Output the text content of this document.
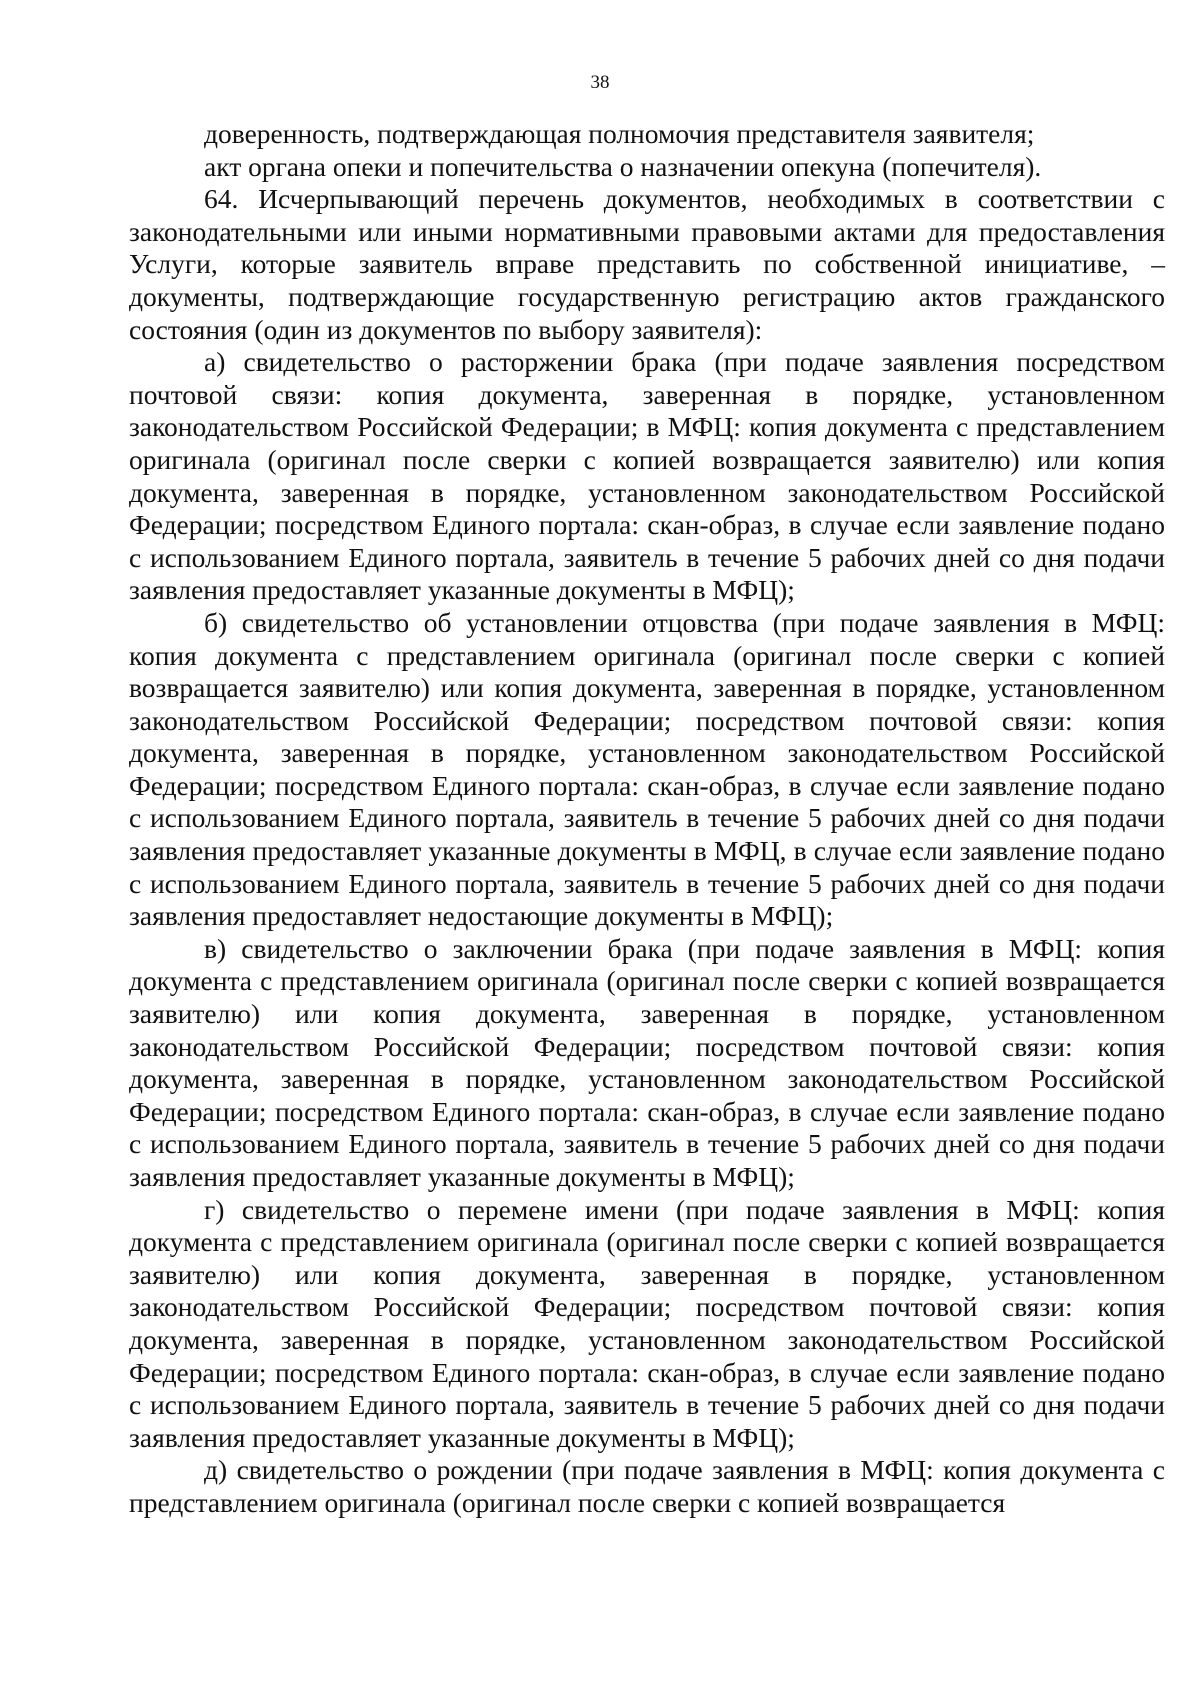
38

доверенность, подтверждающая полномочия представителя заявителя;

акт органа опеки и попечительства о назначении опекуна (попечителя).

64. Исчерпывающий перечень документов, необходимых в соответствии с законодательными или иными нормативными правовыми актами для предоставления Услуги, которые заявитель вправе представить по собственной инициативе, – документы, подтверждающие государственную регистрацию актов гражданского состояния (один из документов по выбору заявителя):

а) свидетельство о расторжении брака (при подаче заявления посредством почтовой связи: копия документа, заверенная в порядке, установленном законодательством Российской Федерации; в МФЦ: копия документа с представлением оригинала (оригинал после сверки с копией возвращается заявителю) или копия документа, заверенная в порядке, установленном законодательством Российской Федерации; посредством Единого портала: скан-образ, в случае если заявление подано с использованием Единого портала, заявитель в течение 5 рабочих дней со дня подачи заявления предоставляет указанные документы в МФЦ);

б) свидетельство об установлении отцовства (при подаче заявления в МФЦ: копия документа с представлением оригинала (оригинал после сверки с копией возвращается заявителю) или копия документа, заверенная в порядке, установленном законодательством Российской Федерации; посредством почтовой связи: копия документа, заверенная в порядке, установленном законодательством Российской Федерации; посредством Единого портала: скан-образ, в случае если заявление подано с использованием Единого портала, заявитель в течение 5 рабочих дней со дня подачи заявления предоставляет указанные документы в МФЦ, в случае если заявление подано с использованием Единого портала, заявитель в течение 5 рабочих дней со дня подачи заявления предоставляет недостающие документы в МФЦ);

в) свидетельство о заключении брака (при подаче заявления в МФЦ: копия документа с представлением оригинала (оригинал после сверки с копией возвращается заявителю) или копия документа, заверенная в порядке, установленном законодательством Российской Федерации; посредством почтовой связи: копия документа, заверенная в порядке, установленном законодательством Российской Федерации; посредством Единого портала: скан-образ, в случае если заявление подано с использованием Единого портала, заявитель в течение 5 рабочих дней со дня подачи заявления предоставляет указанные документы в МФЦ);

г) свидетельство о перемене имени (при подаче заявления в МФЦ: копия документа с представлением оригинала (оригинал после сверки с копией возвращается заявителю) или копия документа, заверенная в порядке, установленном законодательством Российской Федерации; посредством почтовой связи: копия документа, заверенная в порядке, установленном законодательством Российской Федерации; посредством Единого портала: скан-образ, в случае если заявление подано с использованием Единого портала, заявитель в течение 5 рабочих дней со дня подачи заявления предоставляет указанные документы в МФЦ);

д) свидетельство о рождении (при подаче заявления в МФЦ: копия документа с представлением оригинала (оригинал после сверки с копией возвращается
